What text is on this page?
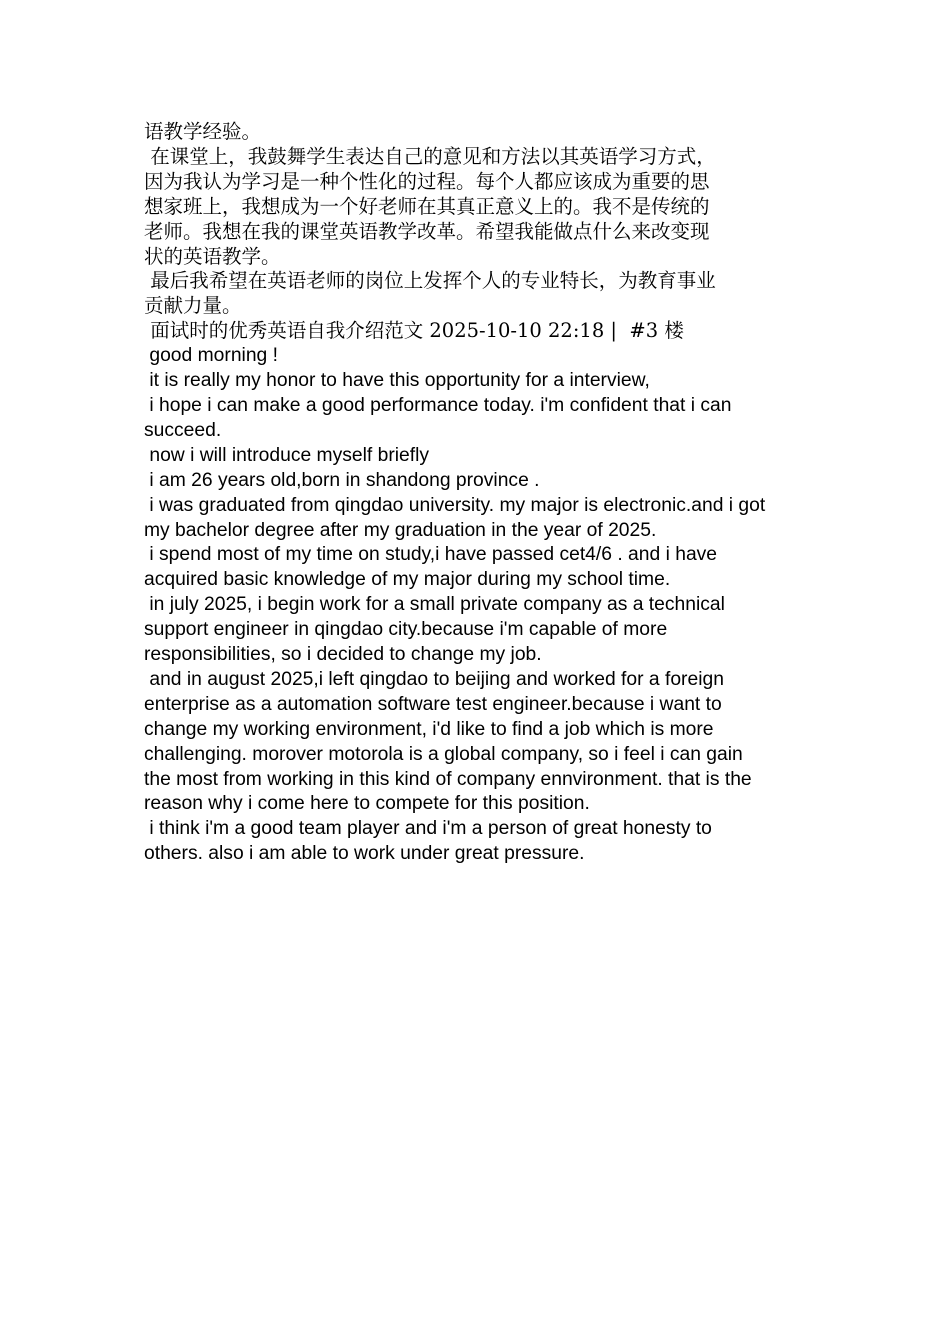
语教学经验。
在课堂上，我鼓舞学生表达自己的意见和方法以其英语学习方式，
因为我认为学习是一种个性化的过程。每个人都应该成为重要的思
想家班上，我想成为一个好老师在其真正意义上的。我不是传统的
老师。我想在我的课堂英语教学改革。希望我能做点什么来改变现
状的英语教学。
最后我希望在英语老师的岗位上发挥个人的专业特长，为教育事业
贡献力量。
面试时的优秀英语自我介绍范文 2025-10-10 22:18 |  #3 楼
good morning !
it is really my honor to have this opportunity for a interview,
i hope i can make a good performance today. i'm confident that i can
succeed.
now i will introduce myself briefly
i am 26 years old,born in shandong province .
i was graduated from qingdao university. my major is electronic.and i got
my bachelor degree after my graduation in the year of 2025.
i spend most of my time on study,i have passed cet4/6 . and i have
acquired basic knowledge of my major during my school time.
in july 2025, i begin work for a small private company as a technical
support engineer in qingdao city.because i'm capable of more
responsibilities, so i decided to change my job.
and in august 2025,i left qingdao to beijing and worked for a foreign
enterprise as a automation software test engineer.because i want to
change my working environment, i'd like to find a job which is more
challenging. morover motorola is a global company, so i feel i can gain
the most from working in this kind of company ennvironment. that is the
reason why i come here to compete for this position.
i think i'm a good team player and i'm a person of great honesty to
others. also i am able to work under great pressure.
